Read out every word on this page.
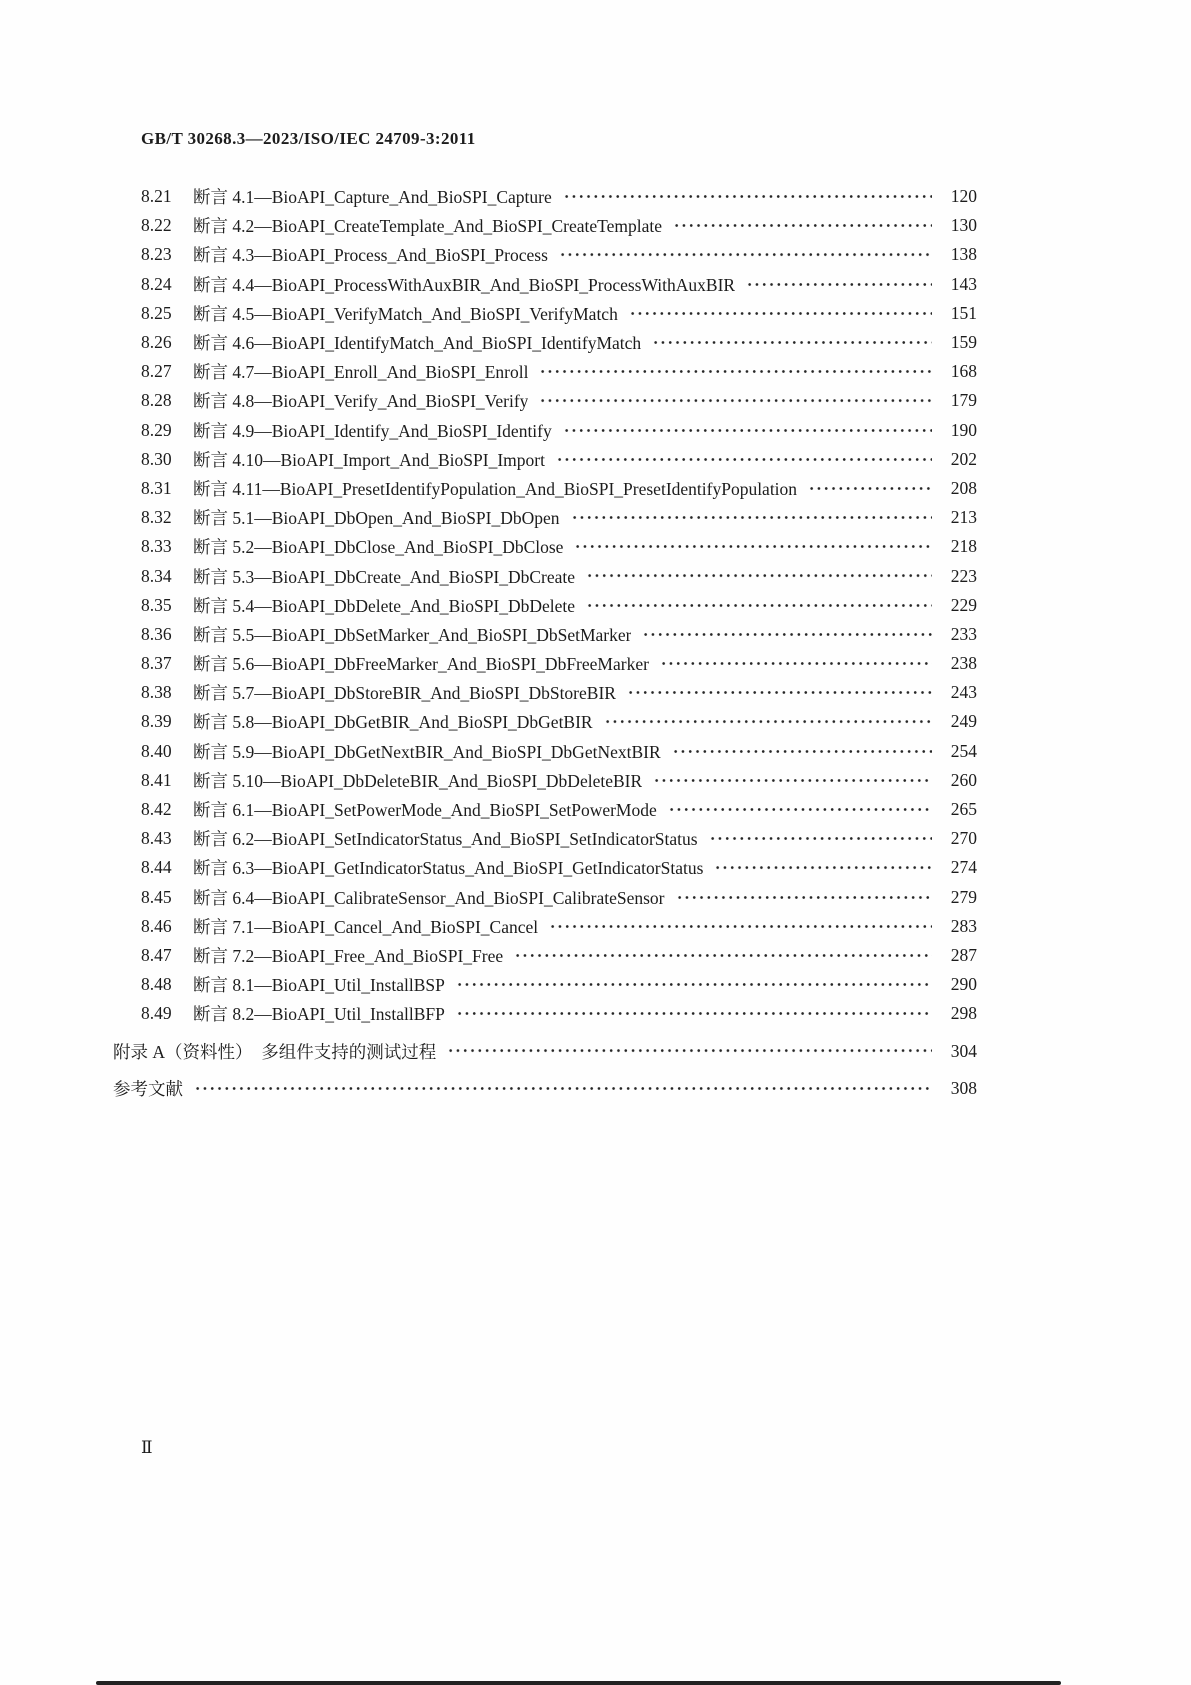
GB/T 30268.3—2023/ISO/IEC 24709-3:2011
8.21	断言 4.1—BioAPI_Capture_And_BioSPI_Capture	120
8.22	断言 4.2—BioAPI_CreateTemplate_And_BioSPI_CreateTemplate	130
8.23	断言 4.3—BioAPI_Process_And_BioSPI_Process	138
8.24	断言 4.4—BioAPI_ProcessWithAuxBIR_And_BioSPI_ProcessWithAuxBIR	143
8.25	断言 4.5—BioAPI_VerifyMatch_And_BioSPI_VerifyMatch	151
8.26	断言 4.6—BioAPI_IdentifyMatch_And_BioSPI_IdentifyMatch	159
8.27	断言 4.7—BioAPI_Enroll_And_BioSPI_Enroll	168
8.28	断言 4.8—BioAPI_Verify_And_BioSPI_Verify	179
8.29	断言 4.9—BioAPI_Identify_And_BioSPI_Identify	190
8.30	断言 4.10—BioAPI_Import_And_BioSPI_Import	202
8.31	断言 4.11—BioAPI_PresetIdentifyPopulation_And_BioSPI_PresetIdentifyPopulation	208
8.32	断言 5.1—BioAPI_DbOpen_And_BioSPI_DbOpen	213
8.33	断言 5.2—BioAPI_DbClose_And_BioSPI_DbClose	218
8.34	断言 5.3—BioAPI_DbCreate_And_BioSPI_DbCreate	223
8.35	断言 5.4—BioAPI_DbDelete_And_BioSPI_DbDelete	229
8.36	断言 5.5—BioAPI_DbSetMarker_And_BioSPI_DbSetMarker	233
8.37	断言 5.6—BioAPI_DbFreeMarker_And_BioSPI_DbFreeMarker	238
8.38	断言 5.7—BioAPI_DbStoreBIR_And_BioSPI_DbStoreBIR	243
8.39	断言 5.8—BioAPI_DbGetBIR_And_BioSPI_DbGetBIR	249
8.40	断言 5.9—BioAPI_DbGetNextBIR_And_BioSPI_DbGetNextBIR	254
8.41	断言 5.10—BioAPI_DbDeleteBIR_And_BioSPI_DbDeleteBIR	260
8.42	断言 6.1—BioAPI_SetPowerMode_And_BioSPI_SetPowerMode	265
8.43	断言 6.2—BioAPI_SetIndicatorStatus_And_BioSPI_SetIndicatorStatus	270
8.44	断言 6.3—BioAPI_GetIndicatorStatus_And_BioSPI_GetIndicatorStatus	274
8.45	断言 6.4—BioAPI_CalibrateSensor_And_BioSPI_CalibrateSensor	279
8.46	断言 7.1—BioAPI_Cancel_And_BioSPI_Cancel	283
8.47	断言 7.2—BioAPI_Free_And_BioSPI_Free	287
8.48	断言 8.1—BioAPI_Util_InstallBSP	290
8.49	断言 8.2—BioAPI_Util_InstallBFP	298
附录 A（资料性）　多组件支持的测试过程	304
参考文献	308
Ⅱ
